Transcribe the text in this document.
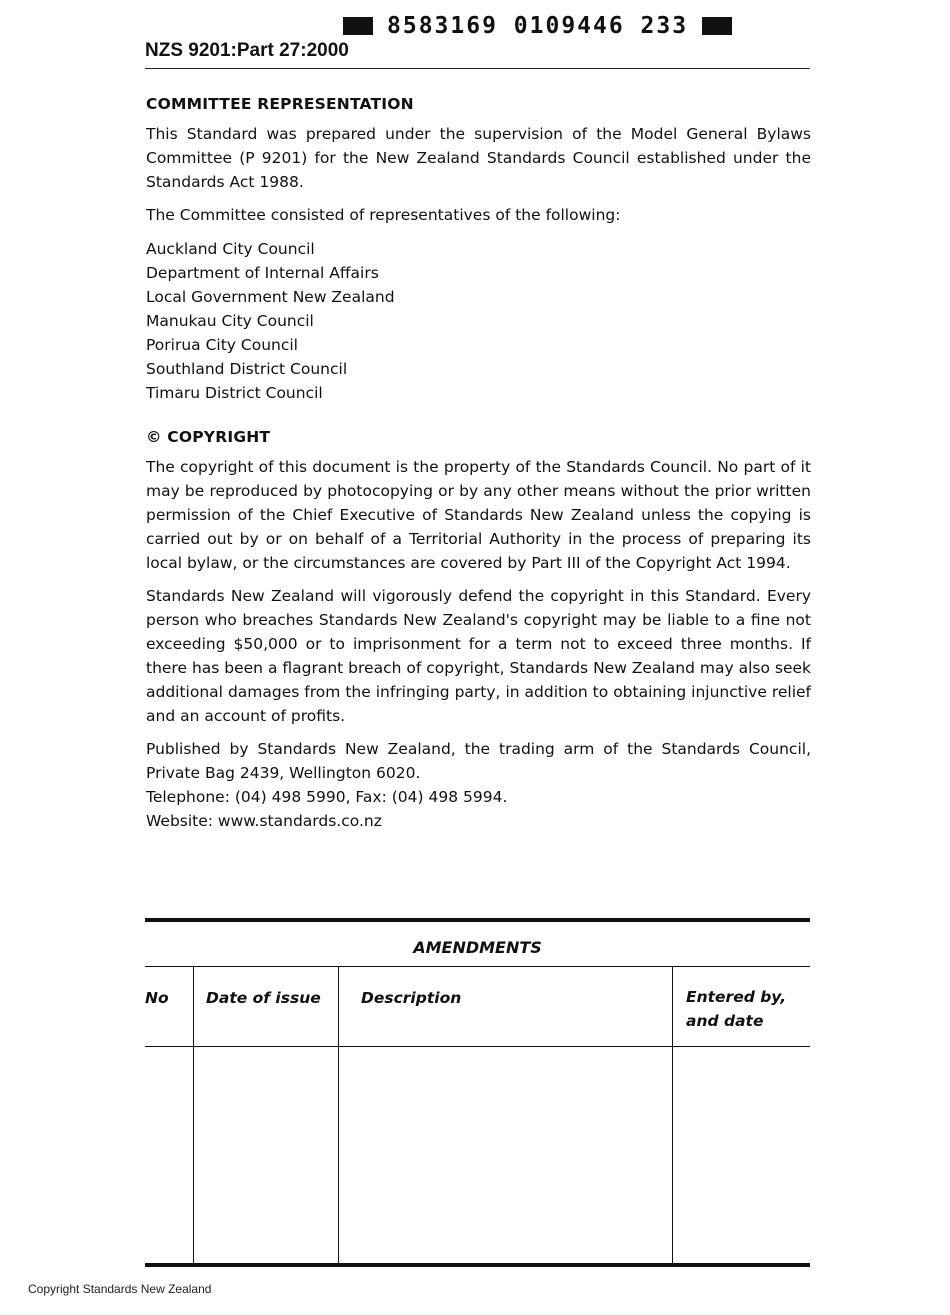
8583169 0109446 233
NZS 9201:Part 27:2000
COMMITTEE REPRESENTATION

This Standard was prepared under the supervision of the Model General Bylaws Committee (P 9201) for the New Zealand Standards Council established under the Standards Act 1988.

The Committee consisted of representatives of the following:

Auckland City Council
Department of Internal Affairs
Local Government New Zealand
Manukau City Council
Porirua City Council
Southland District Council
Timaru District Council
© COPYRIGHT

The copyright of this document is the property of the Standards Council. No part of it may be reproduced by photocopying or by any other means without the prior written permission of the Chief Executive of Standards New Zealand unless the copying is carried out by or on behalf of a Territorial Authority in the process of preparing its local bylaw, or the circumstances are covered by Part III of the Copyright Act 1994.

Standards New Zealand will vigorously defend the copyright in this Standard. Every person who breaches Standards New Zealand's copyright may be liable to a fine not exceeding $50,000 or to imprisonment for a term not to exceed three months. If there has been a flagrant breach of copyright, Standards New Zealand may also seek additional damages from the infringing party, in addition to obtaining injunctive relief and an account of profits.

Published by Standards New Zealand, the trading arm of the Standards Council, Private Bag 2439, Wellington 6020.

Telephone: (04) 498 5990, Fax: (04) 498 5994.

Website: www.standards.co.nz

AMENDMENTS
No	Date of issue	Description	Entered by, and date
Copyright Standards New Zealand
